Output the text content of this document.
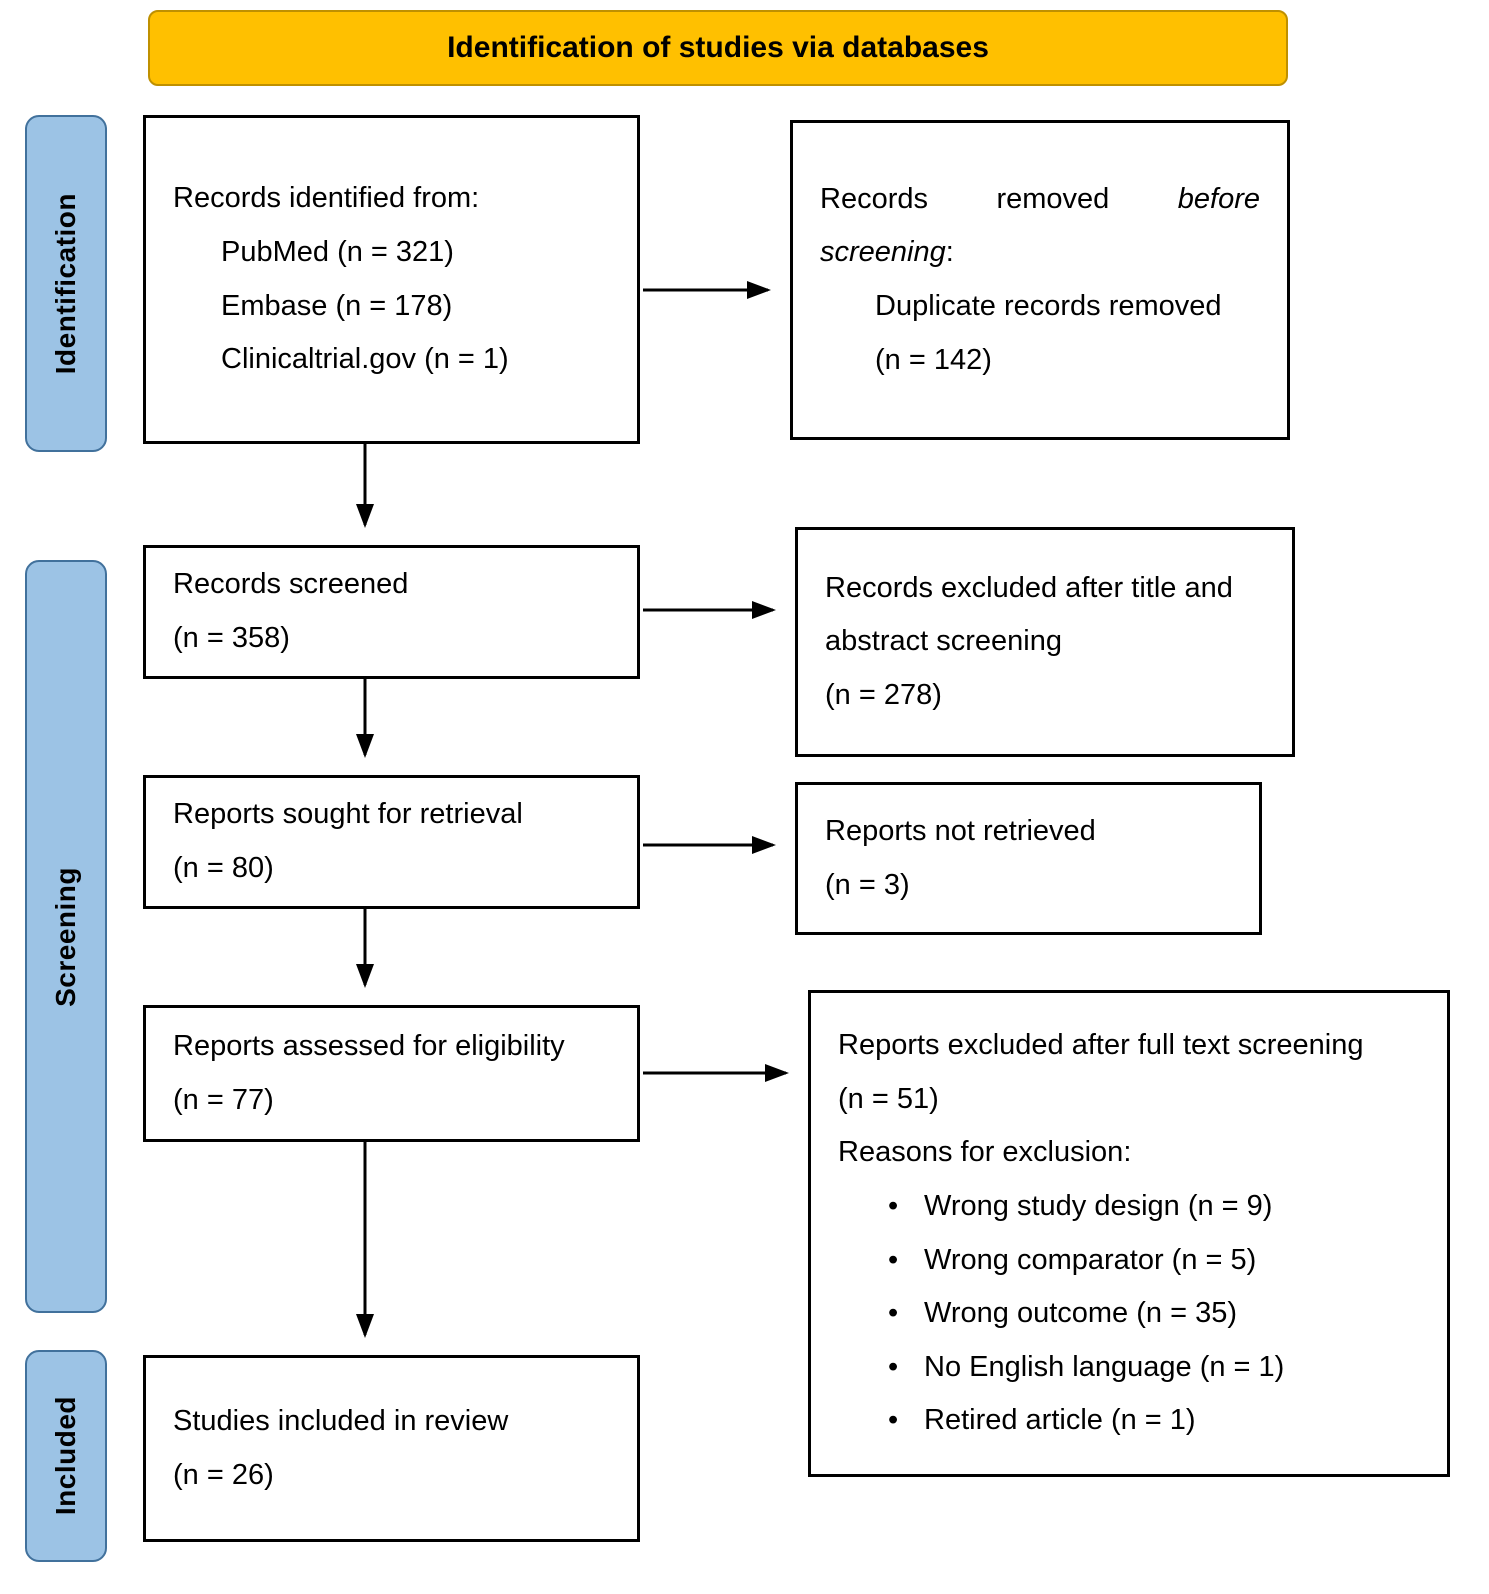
Identification of studies via databases
Identification
Screening
Included
Records identified from:
PubMed (n = 321)
Embase (n = 178)
Clinicaltrial.gov (n = 1)
Records removed before screening:
Duplicate records removed
(n = 142)
Records screened
(n = 358)
Records excluded after title and
abstract screening
(n = 278)
Reports sought for retrieval
(n = 80)
Reports not retrieved
(n = 3)
Reports assessed for eligibility
(n = 77)
Reports excluded after full text screening
(n = 51)
Reasons for exclusion:
• Wrong study design (n = 9)
• Wrong comparator (n = 5)
• Wrong outcome (n = 35)
• No English language (n = 1)
• Retired article (n = 1)
Studies included in review
(n = 26)
